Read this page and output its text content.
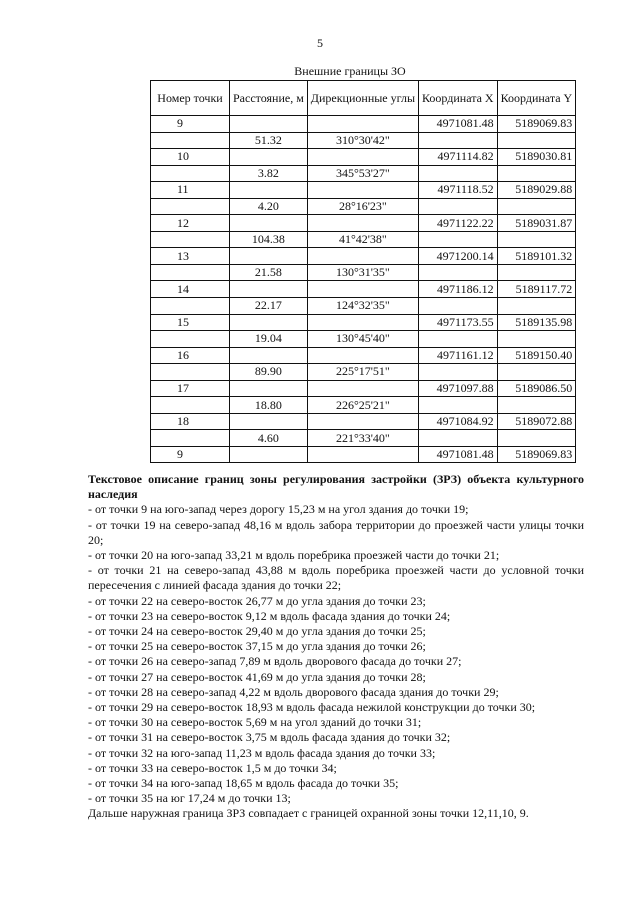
5
Внешние границы ЗО
Номер точки	Расстояние, м	Дирекционные углы	Координата X	Координата Y
9			4971081.48	5189069.83
	51.32	310°30'42"		
10			4971114.82	5189030.81
	3.82	345°53'27"		
11			4971118.52	5189029.88
	4.20	28°16'23"		
12			4971122.22	5189031.87
	104.38	41°42'38"		
13			4971200.14	5189101.32
	21.58	130°31'35"		
14			4971186.12	5189117.72
	22.17	124°32'35"		
15			4971173.55	5189135.98
	19.04	130°45'40"		
16			4971161.12	5189150.40
	89.90	225°17'51"		
17			4971097.88	5189086.50
	18.80	226°25'21"		
18			4971084.92	5189072.88
	4.60	221°33'40"		
9			4971081.48	5189069.83
Текстовое описание границ зоны регулирования застройки (ЗРЗ) объекта культурного наследия

- от точки 9 на юго-запад через дорогу 15,23 м на угол здания до точки 19;

- от точки 19 на северо-запад 48,16 м вдоль забора территории до проезжей части улицы точки 20;

- от точки 20 на юго-запад 33,21 м вдоль поребрика проезжей части до точки 21;

- от точки 21 на северо-запад 43,88 м вдоль поребрика проезжей части до условной точки пересечения с линией фасада здания до точки 22;

- от точки 22 на северо-восток 26,77 м до угла здания до точки 23;

- от точки 23 на северо-восток 9,12 м вдоль фасада здания до точки 24;

- от точки 24 на северо-восток 29,40 м до угла здания до точки 25;

- от точки 25 на северо-восток 37,15 м до угла здания до точки 26;

- от точки 26 на северо-запад 7,89 м вдоль дворового фасада до точки 27;

- от точки 27 на северо-восток 41,69 м до угла здания до точки 28;

- от точки 28 на северо-запад 4,22 м вдоль дворового фасада здания до точки 29;

- от точки 29 на северо-восток 18,93 м вдоль фасада нежилой конструкции до точки 30;

- от точки 30 на северо-восток 5,69 м на угол зданий до точки 31;

- от точки 31 на северо-восток 3,75 м вдоль фасада здания до точки 32;

- от точки 32 на юго-запад 11,23 м вдоль фасада здания до точки 33;

- от точки 33 на северо-восток 1,5 м до точки 34;

- от точки 34 на юго-запад 18,65 м вдоль фасада до точки 35;

- от точки 35 на юг 17,24 м до точки 13;

Дальше наружная граница ЗРЗ совпадает с границей охранной зоны точки 12,11,10, 9.
